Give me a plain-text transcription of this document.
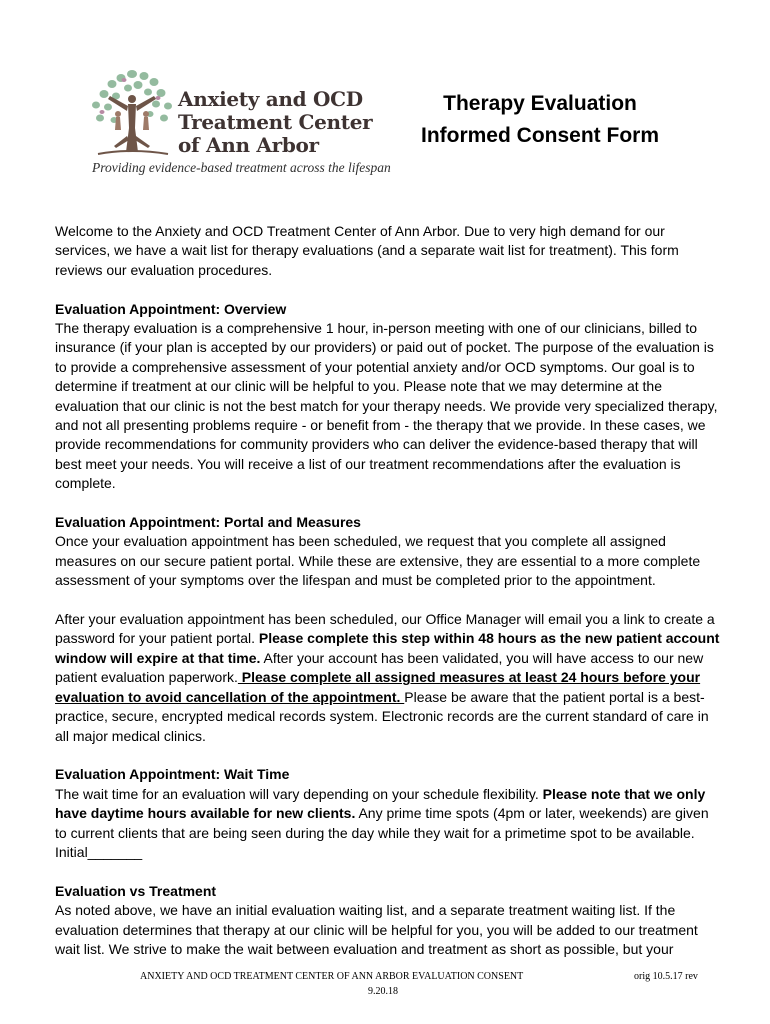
Anxiety and OCD
Treatment Center
of Ann Arbor
Providing evidence-based treatment across the lifespan
Therapy Evaluation
Informed Consent Form

Welcome to the Anxiety and OCD Treatment Center of Ann Arbor. Due to very high demand for our services, we have a wait list for therapy evaluations (and a separate wait list for treatment). This form reviews our evaluation procedures.

Evaluation Appointment: Overview
The therapy evaluation is a comprehensive 1 hour, in-person meeting with one of our clinicians, billed to insurance (if your plan is accepted by our providers) or paid out of pocket. The purpose of the evaluation is to provide a comprehensive assessment of your potential anxiety and/or OCD symptoms. Our goal is to determine if treatment at our clinic will be helpful to you. Please note that we may determine at the evaluation that our clinic is not the best match for your therapy needs. We provide very specialized therapy, and not all presenting problems require - or benefit from - the therapy that we provide. In these cases, we provide recommendations for community providers who can deliver the evidence-based therapy that will best meet your needs. You will receive a list of our treatment recommendations after the evaluation is complete.

Evaluation Appointment: Portal and Measures
Once your evaluation appointment has been scheduled, we request that you complete all assigned measures on our secure patient portal. While these are extensive, they are essential to a more complete assessment of your symptoms over the lifespan and must be completed prior to the appointment.

After your evaluation appointment has been scheduled, our Office Manager will email you a link to create a password for your patient portal. Please complete this step within 48 hours as the new patient account window will expire at that time. After your account has been validated, you will have access to our new patient evaluation paperwork. Please complete all assigned measures at least 24 hours before your evaluation to avoid cancellation of the appointment. Please be aware that the patient portal is a best-practice, secure, encrypted medical records system. Electronic records are the current standard of care in all major medical clinics.

Evaluation Appointment: Wait Time
The wait time for an evaluation will vary depending on your schedule flexibility. Please note that we only have daytime hours available for new clients. Any prime time spots (4pm or later, weekends) are given to current clients that are being seen during the day while they wait for a primetime spot to be available.
Initial_______

Evaluation vs Treatment
As noted above, we have an initial evaluation waiting list, and a separate treatment waiting list. If the evaluation determines that therapy at our clinic will be helpful for you, you will be added to our treatment wait list. We strive to make the wait between evaluation and treatment as short as possible, but your

ANXIETY AND OCD TREATMENT CENTER OF ANN ARBOR EVALUATION CONSENT	orig 10.5.17 rev
9.20.18
